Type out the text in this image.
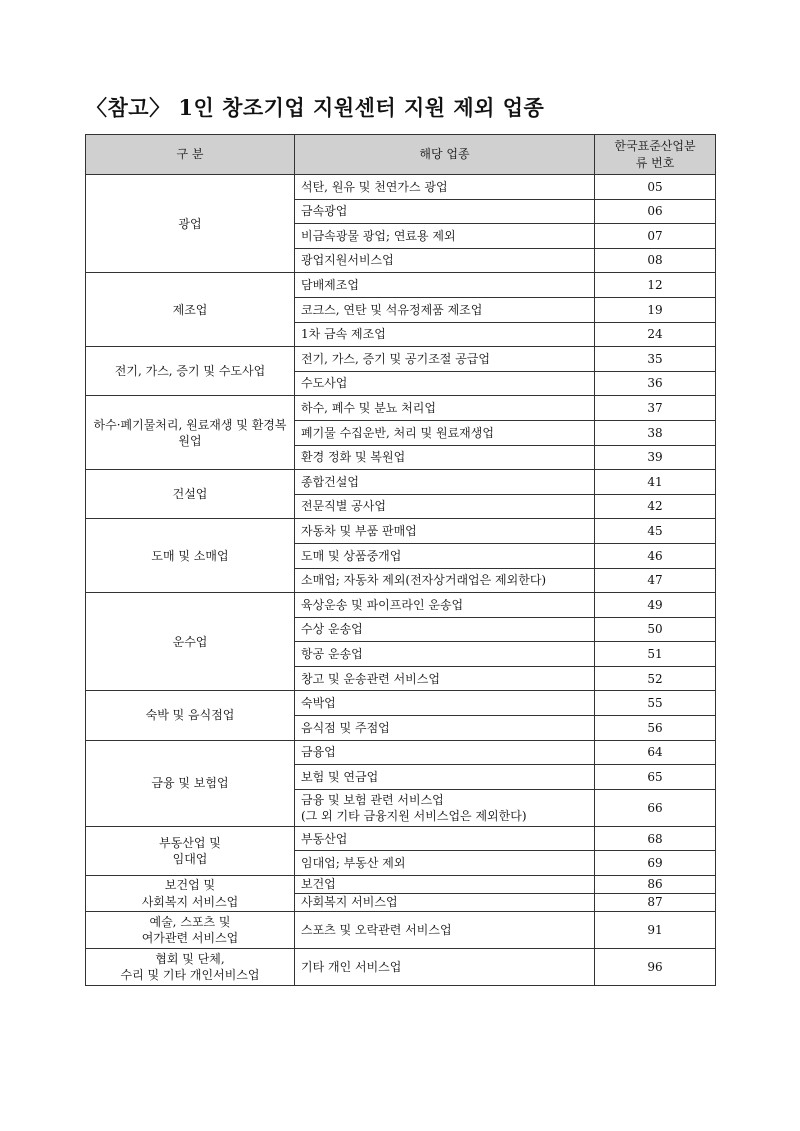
〈참고〉 1인 창조기업 지원센터 지원 제외 업종
구 분	해당 업종	한국표준산업분류 번호
광업	석탄, 원유 및 천연가스 광업	05
	금속광업	06
	비금속광물 광업; 연료용 제외	07
	광업지원서비스업	08
제조업	담배제조업	12
	코크스, 연탄 및 석유정제품 제조업	19
	1차 금속 제조업	24
전기, 가스, 증기 및 수도사업	전기, 가스, 증기 및 공기조절 공급업	35
	수도사업	36
하수·폐기물처리, 원료재생 및 환경복원업	하수, 폐수 및 분뇨 처리업	37
	폐기물 수집운반, 처리 및 원료재생업	38
	환경 정화 및 복원업	39
건설업	종합건설업	41
	전문직별 공사업	42
도매 및 소매업	자동차 및 부품 판매업	45
	도매 및 상품중개업	46
	소매업; 자동차 제외(전자상거래업은 제외한다)	47
운수업	육상운송 및 파이프라인 운송업	49
	수상 운송업	50
	항공 운송업	51
	창고 및 운송관련 서비스업	52
숙박 및 음식점업	숙박업	55
	음식점 및 주점업	56
금융 및 보험업	금융업	64
	보험 및 연금업	65
	금융 및 보험 관련 서비스업
(그 외 기타 금융지원 서비스업은 제외한다)	66
부동산업 및
임대업	부동산업	68
	임대업; 부동산 제외	69
보건업 및
사회복지 서비스업	보건업	86
	사회복지 서비스업	87
예술, 스포츠 및
여가관련 서비스업	스포츠 및 오락관련 서비스업	91
협회 및 단체,
수리 및 기타 개인서비스업	기타 개인 서비스업	96
